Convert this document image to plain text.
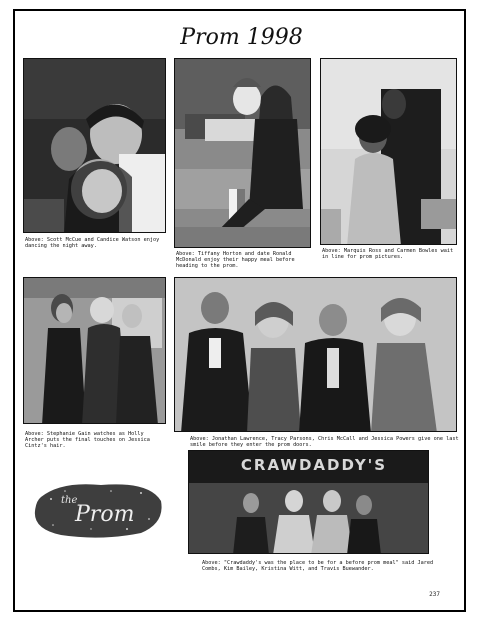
Prom 1998
Above: Scott McCue and Candice Watson enjoy dancing the night away.
Above: Tiffany Horton and date Ronald McDonald enjoy their happy meal before heading to the prom.
Above: Marquis Ross and Carmen Bowles wait in line for prom pictures.
Above: Stephanie Gain watches as Holly Archer puts the final touches on Jessica Cintz's hair.
Above: Jonathan Lawrence, Tracy Parsons, Chris McCall and Jessica Powers give one last smile before they enter the prom doors.
the
Prom
CRAWDADDY'S
Above: "Crawdaddy's was the place to be for a before prom meal" said Jared Combs, Kim Bailey, Kristina Witt, and Travis Buewander.
237
